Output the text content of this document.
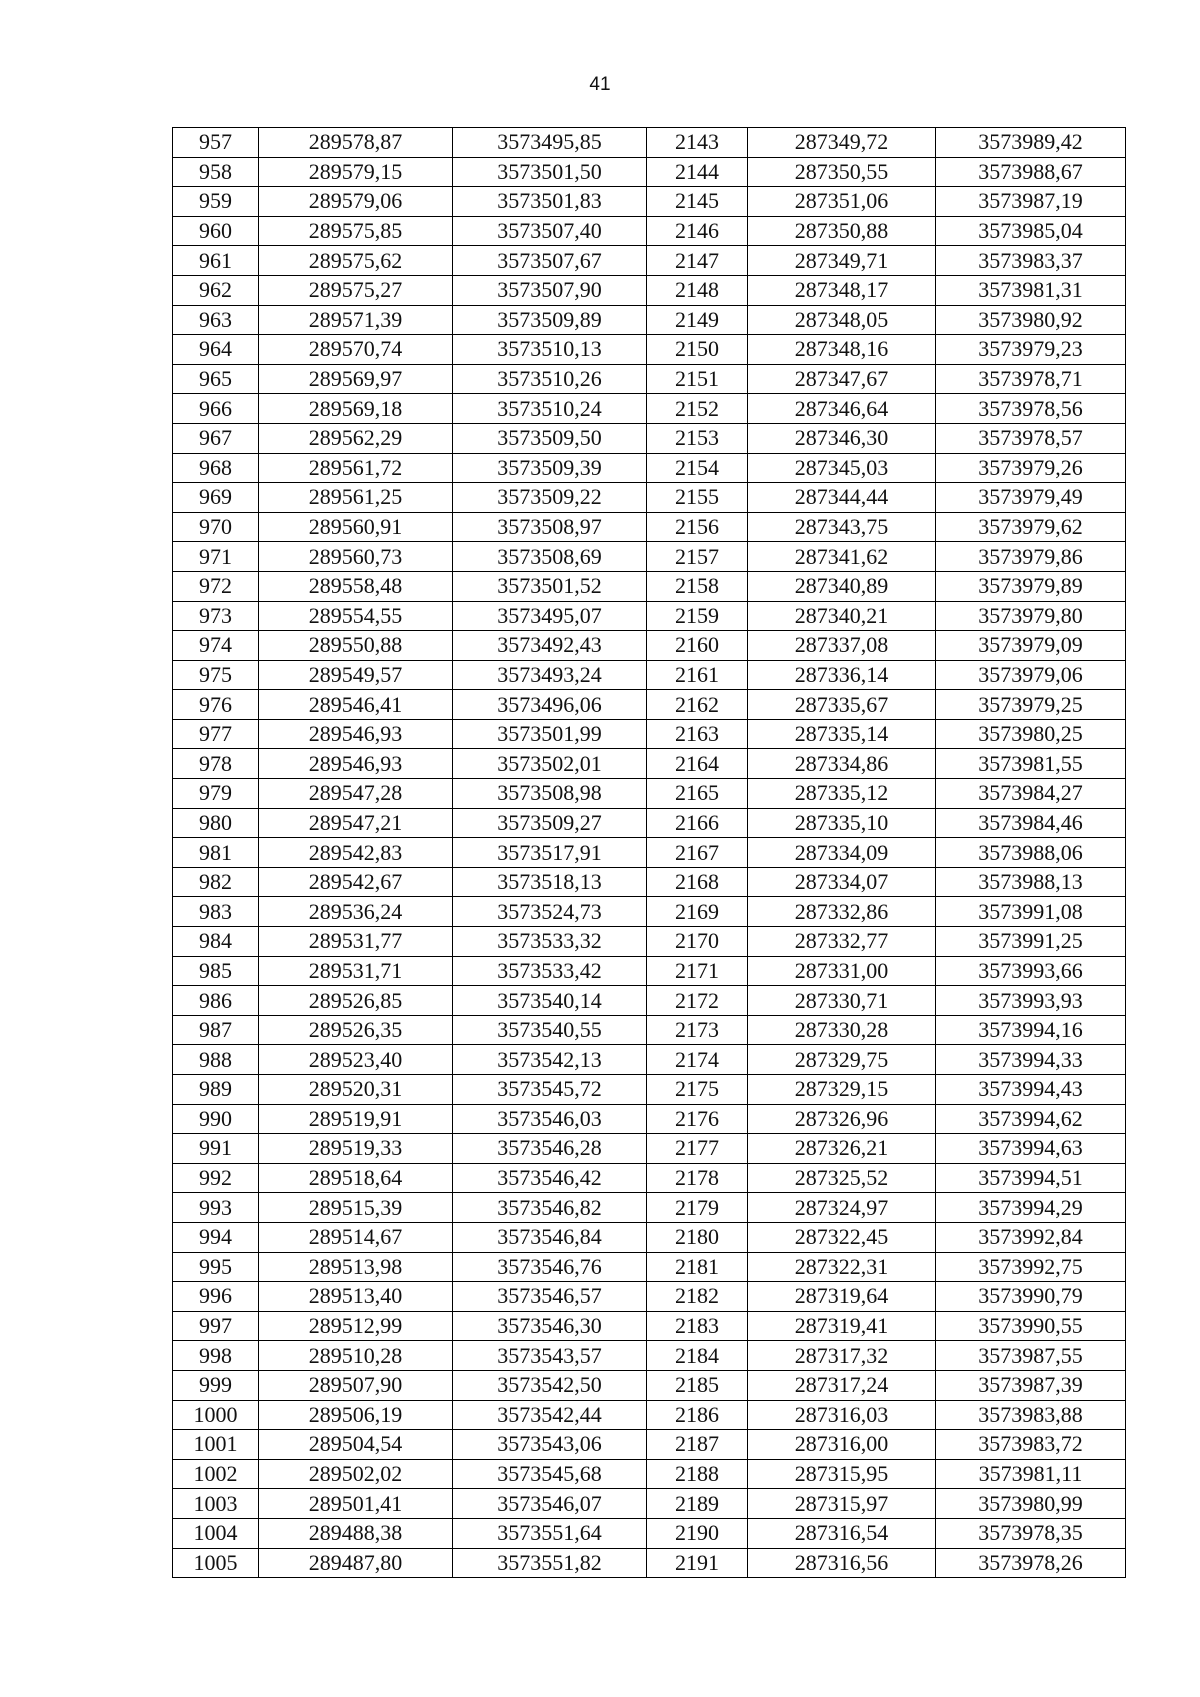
41
957	289578,87	3573495,85	2143	287349,72	3573989,42
958	289579,15	3573501,50	2144	287350,55	3573988,67
959	289579,06	3573501,83	2145	287351,06	3573987,19
960	289575,85	3573507,40	2146	287350,88	3573985,04
961	289575,62	3573507,67	2147	287349,71	3573983,37
962	289575,27	3573507,90	2148	287348,17	3573981,31
963	289571,39	3573509,89	2149	287348,05	3573980,92
964	289570,74	3573510,13	2150	287348,16	3573979,23
965	289569,97	3573510,26	2151	287347,67	3573978,71
966	289569,18	3573510,24	2152	287346,64	3573978,56
967	289562,29	3573509,50	2153	287346,30	3573978,57
968	289561,72	3573509,39	2154	287345,03	3573979,26
969	289561,25	3573509,22	2155	287344,44	3573979,49
970	289560,91	3573508,97	2156	287343,75	3573979,62
971	289560,73	3573508,69	2157	287341,62	3573979,86
972	289558,48	3573501,52	2158	287340,89	3573979,89
973	289554,55	3573495,07	2159	287340,21	3573979,80
974	289550,88	3573492,43	2160	287337,08	3573979,09
975	289549,57	3573493,24	2161	287336,14	3573979,06
976	289546,41	3573496,06	2162	287335,67	3573979,25
977	289546,93	3573501,99	2163	287335,14	3573980,25
978	289546,93	3573502,01	2164	287334,86	3573981,55
979	289547,28	3573508,98	2165	287335,12	3573984,27
980	289547,21	3573509,27	2166	287335,10	3573984,46
981	289542,83	3573517,91	2167	287334,09	3573988,06
982	289542,67	3573518,13	2168	287334,07	3573988,13
983	289536,24	3573524,73	2169	287332,86	3573991,08
984	289531,77	3573533,32	2170	287332,77	3573991,25
985	289531,71	3573533,42	2171	287331,00	3573993,66
986	289526,85	3573540,14	2172	287330,71	3573993,93
987	289526,35	3573540,55	2173	287330,28	3573994,16
988	289523,40	3573542,13	2174	287329,75	3573994,33
989	289520,31	3573545,72	2175	287329,15	3573994,43
990	289519,91	3573546,03	2176	287326,96	3573994,62
991	289519,33	3573546,28	2177	287326,21	3573994,63
992	289518,64	3573546,42	2178	287325,52	3573994,51
993	289515,39	3573546,82	2179	287324,97	3573994,29
994	289514,67	3573546,84	2180	287322,45	3573992,84
995	289513,98	3573546,76	2181	287322,31	3573992,75
996	289513,40	3573546,57	2182	287319,64	3573990,79
997	289512,99	3573546,30	2183	287319,41	3573990,55
998	289510,28	3573543,57	2184	287317,32	3573987,55
999	289507,90	3573542,50	2185	287317,24	3573987,39
1000	289506,19	3573542,44	2186	287316,03	3573983,88
1001	289504,54	3573543,06	2187	287316,00	3573983,72
1002	289502,02	3573545,68	2188	287315,95	3573981,11
1003	289501,41	3573546,07	2189	287315,97	3573980,99
1004	289488,38	3573551,64	2190	287316,54	3573978,35
1005	289487,80	3573551,82	2191	287316,56	3573978,26
